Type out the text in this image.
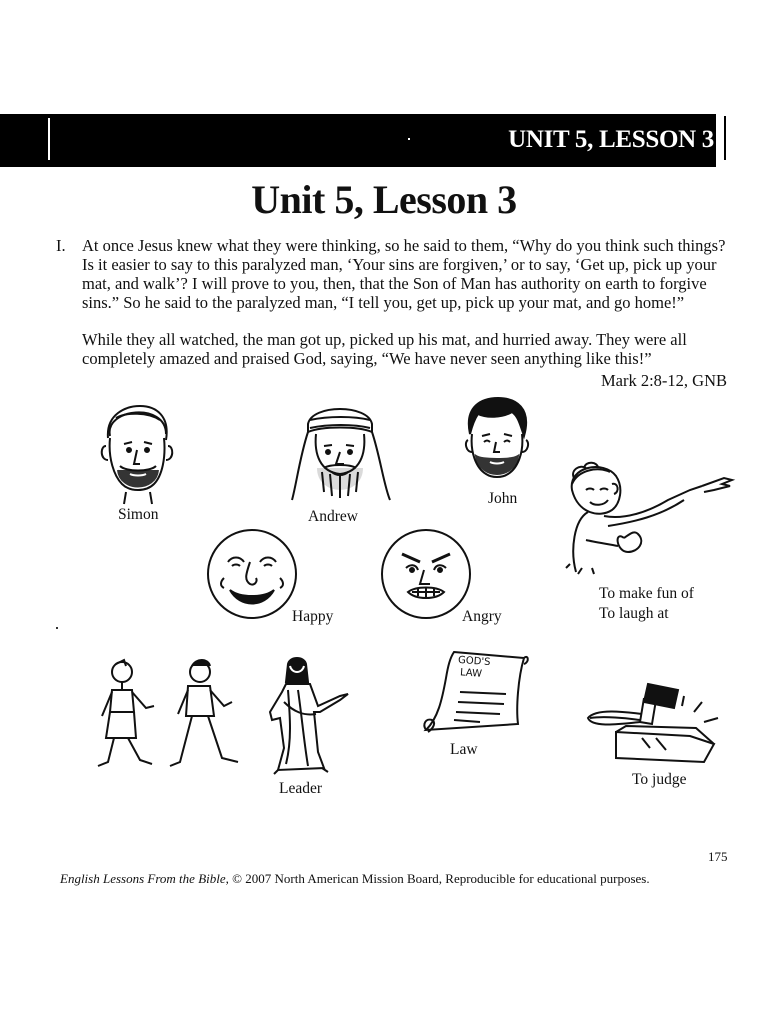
UNIT 5, LESSON 3
Unit 5, Lesson 3
I. At once Jesus knew what they were thinking, so he said to them, “Why do you think such things? Is it easier to say to this paralyzed man, ‘Your sins are forgiven,’ or to say, ‘Get up, pick up your mat, and walk’? I will prove to you, then, that the Son of Man has authority on earth to forgive sins.” So he said to the paralyzed man, “I tell you, get up, pick up your mat, and go home!”
While they all watched, the man got up, picked up his mat, and hurried away. They were all completely amazed and praised God, saying, “We have never seen anything like this!”
Mark 2:8-12, GNB
Simon	Andrew
John
To make fun of
To laugh at
Happy	Angry
Leader
GOD'S
LAW
Law
To judge
175
English Lessons From the Bible, © 2007 North American Mission Board, Reproducible for educational purposes.
